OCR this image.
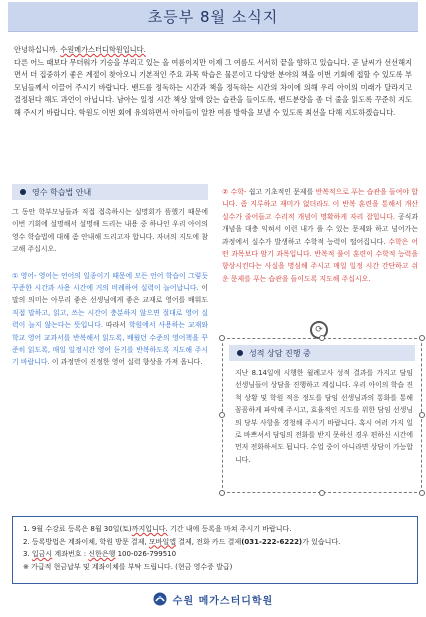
초등부 8월 소식지
안녕하십니까. 수원메가스터디학원입니다.
다른 어느 때보다 무더워가 기승을 부리고 있는 올 여름이지만 이제 그 여름도 서서히 끝을 향하고 있습니다. 곧 날씨가 선선해지면서 더 집중하기 좋은 계절이 찾아오니 기본적인 주요 과목 학습은 물론이고 다양한 분야의 책을 이번 기회에 접할 수 있도록 부모님들께서 이끌어 주시기 바랍니다. 밴드를 정독하는 시간과 책을 정독하는 시간의 차이에 의해 우리 아이의 미래가 달라지고 결정된다 해도 과언이 아닙니다. 남아는 일정 시간 책상 앞에 앉는 습관을 들이도록, 밴드분량을 좀 더 줄을 읽도록 꾸준히 지도해 주시기 바랍니다. 학원도 이번 회에 유의하면서 아이들이 알찬 여름 방학을 보낼 수 있도록 최선을 다해 지도하겠습니다.
영수 학습법 안내

그 동안 학부모님들과 직접 접촉하시는 설명회가 뜸했기 때문에 이번 기회에 설명해서 설명해 드리는 내용 중 하나인 우리 아이의 영수 학습법에 대해 좀 안내해 드리고자 합니다. 자녀의 지도에 참고해 주십시오.

① 영어- 영어는 언어의 일종이기 때문에 모든 언어 학습이 그렇듯 꾸준한 시간과 사용 시간에 거의 비례하여 실력이 늘어납니다. 이 말의 의미는 아무리 좋은 선생님에게 좋은 교재로 영어를 배워도 직접 말하고, 읽고, 쓰는 시간이 충분하지 않으면 절대로 영어 실력이 늘지 않는다는 뜻입니다. 따라서 학원에서 사용하는 교재와 학교 영어 교과서를 반복해서 읽도록, 배웠던 수준의 영어책을 꾸준히 읽도록, 매일 일정시간 영어 듣기를 반복하도록 지도해 주시기 바랍니다. 이 과정만이 진정한 영어 실력 향상을 가져 옵니다.

② 수학- 쉽고 기초적인 문제를 반복적으로 푸는 습관을 들여야 합니다. 좀 지루하고 재미가 없더라도 이 반복 훈련을 통해서 개산 실수가 줄어들고 수리적 개념이 명확하게 자리 잡힙니다. 공식과 개념을 대충 익혀서 이런 내가 풀 수 있는 문제와 하고 넘어가는 과정에서 실수가 발생하고 수학적 능력이 떨어집니다. 수학은 어떤 과목보다 암기 과목입니다. 반복적 풀이 훈련이 수학적 능력을 향상시킨다는 사실을 명심해 주시고 매일 일정 시간 간단하고 쉬운 문제를 푸는 습관을 들이도록 지도해 주십시오.

⟳
성적 상담 진행 중

지난 8.14일에 시행한 월례고사 성적 결과를 가지고 담임 선생님들이 상담을 진행하고 계십니다. 우리 아이의 학습 진척 상황 및 학원 적응 정도를 담임 선생님과의 통화를 통해 꼼꼼하게 파악해 주시고, 효율적인 지도를 위한 담임 선생님의 당부 사항을 경청해 주시기 바랍니다. 혹시 여러 가지 일로 바쁘셔서 담임의 전화를 받지 못하신 경우 편하신 시간에 먼저 전화하셔도 됩니다. 수업 중이 아니라면 상담이 가능합니다.

1. 9월 수강료 등록은 8월 30일(토)까지입니다. 기간 내에 등록을 마쳐 주시기 바랍니다.
2. 등록방법은 계좌이체, 학원 방문 결제, 모바일앱 결제, 전화 카드 결제(031-222-6222)가 있습니다.
3. 입금시 계좌번호 : 신한은행 100-026-799510
※ 가급적 현금납부 및 계좌이체를 부탁 드립니다. (현금 영수증 발급)
수원 메가스터디학원
